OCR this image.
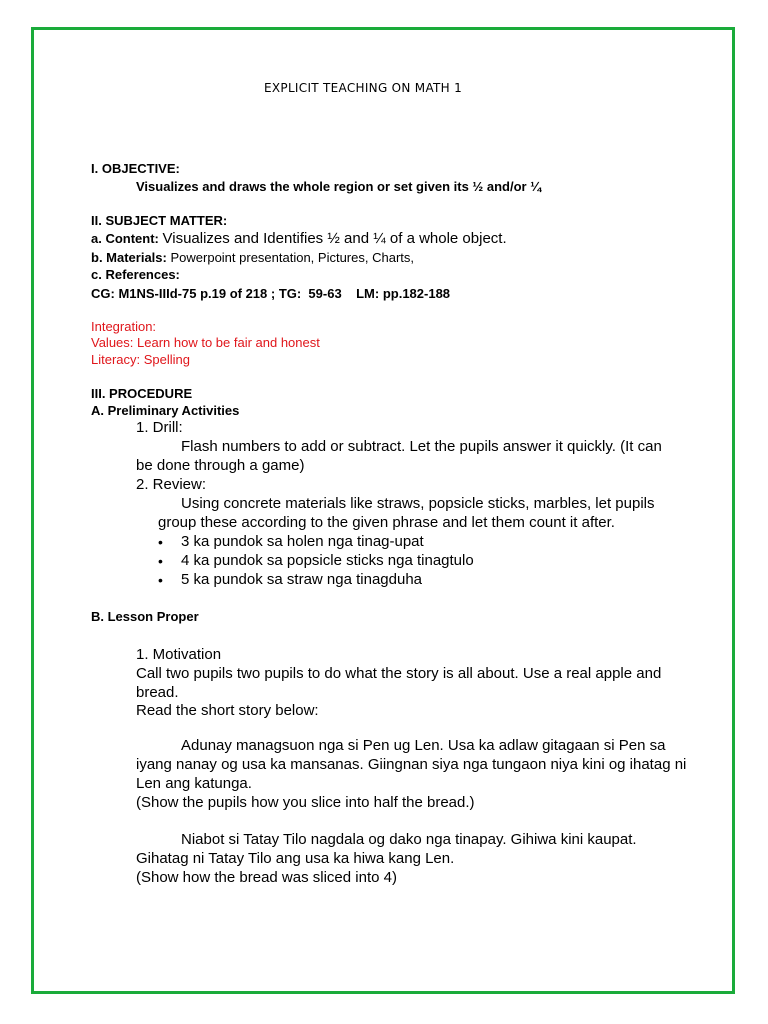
EXPLICIT TEACHING ON MATH 1
I. OBJECTIVE:
Visualizes and draws the whole region or set given its ½ and/or ¼
II. SUBJECT MATTER:
a. Content: Visualizes and Identifies ½ and ¼ of a whole object.
b. Materials: Powerpoint presentation, Pictures, Charts,
c. References:
CG: M1NS-IIId-75 p.19 of 218 ; TG:  59-63    LM: pp.182-188
Integration:
Values: Learn how to be fair and honest
Literacy: Spelling
III. PROCEDURE
A. Preliminary Activities
1. Drill:
Flash numbers to add or subtract. Let the pupils answer it quickly. (It can
be done through a game)
2. Review:
Using concrete materials like straws, popsicle sticks, marbles, let pupils
group these according to the given phrase and let them count it after.
• 3 ka pundok sa holen nga tinag-upat
• 4 ka pundok sa popsicle sticks nga tinagtulo
• 5 ka pundok sa straw nga tinagduha
B. Lesson Proper
1. Motivation
Call two pupils two pupils to do what the story is all about. Use a real apple and
bread.
Read the short story below:
Adunay managsuon nga si Pen ug Len. Usa ka adlaw gitagaan si Pen sa
iyang nanay og usa ka mansanas. Giingnan siya nga tungaon niya kini og ihatag ni
Len ang katunga.
(Show the pupils how you slice into half the bread.)
Niabot si Tatay Tilo nagdala og dako nga tinapay. Gihiwa kini kaupat.
Gihatag ni Tatay Tilo ang usa ka hiwa kang Len.
(Show how the bread was sliced into 4)
